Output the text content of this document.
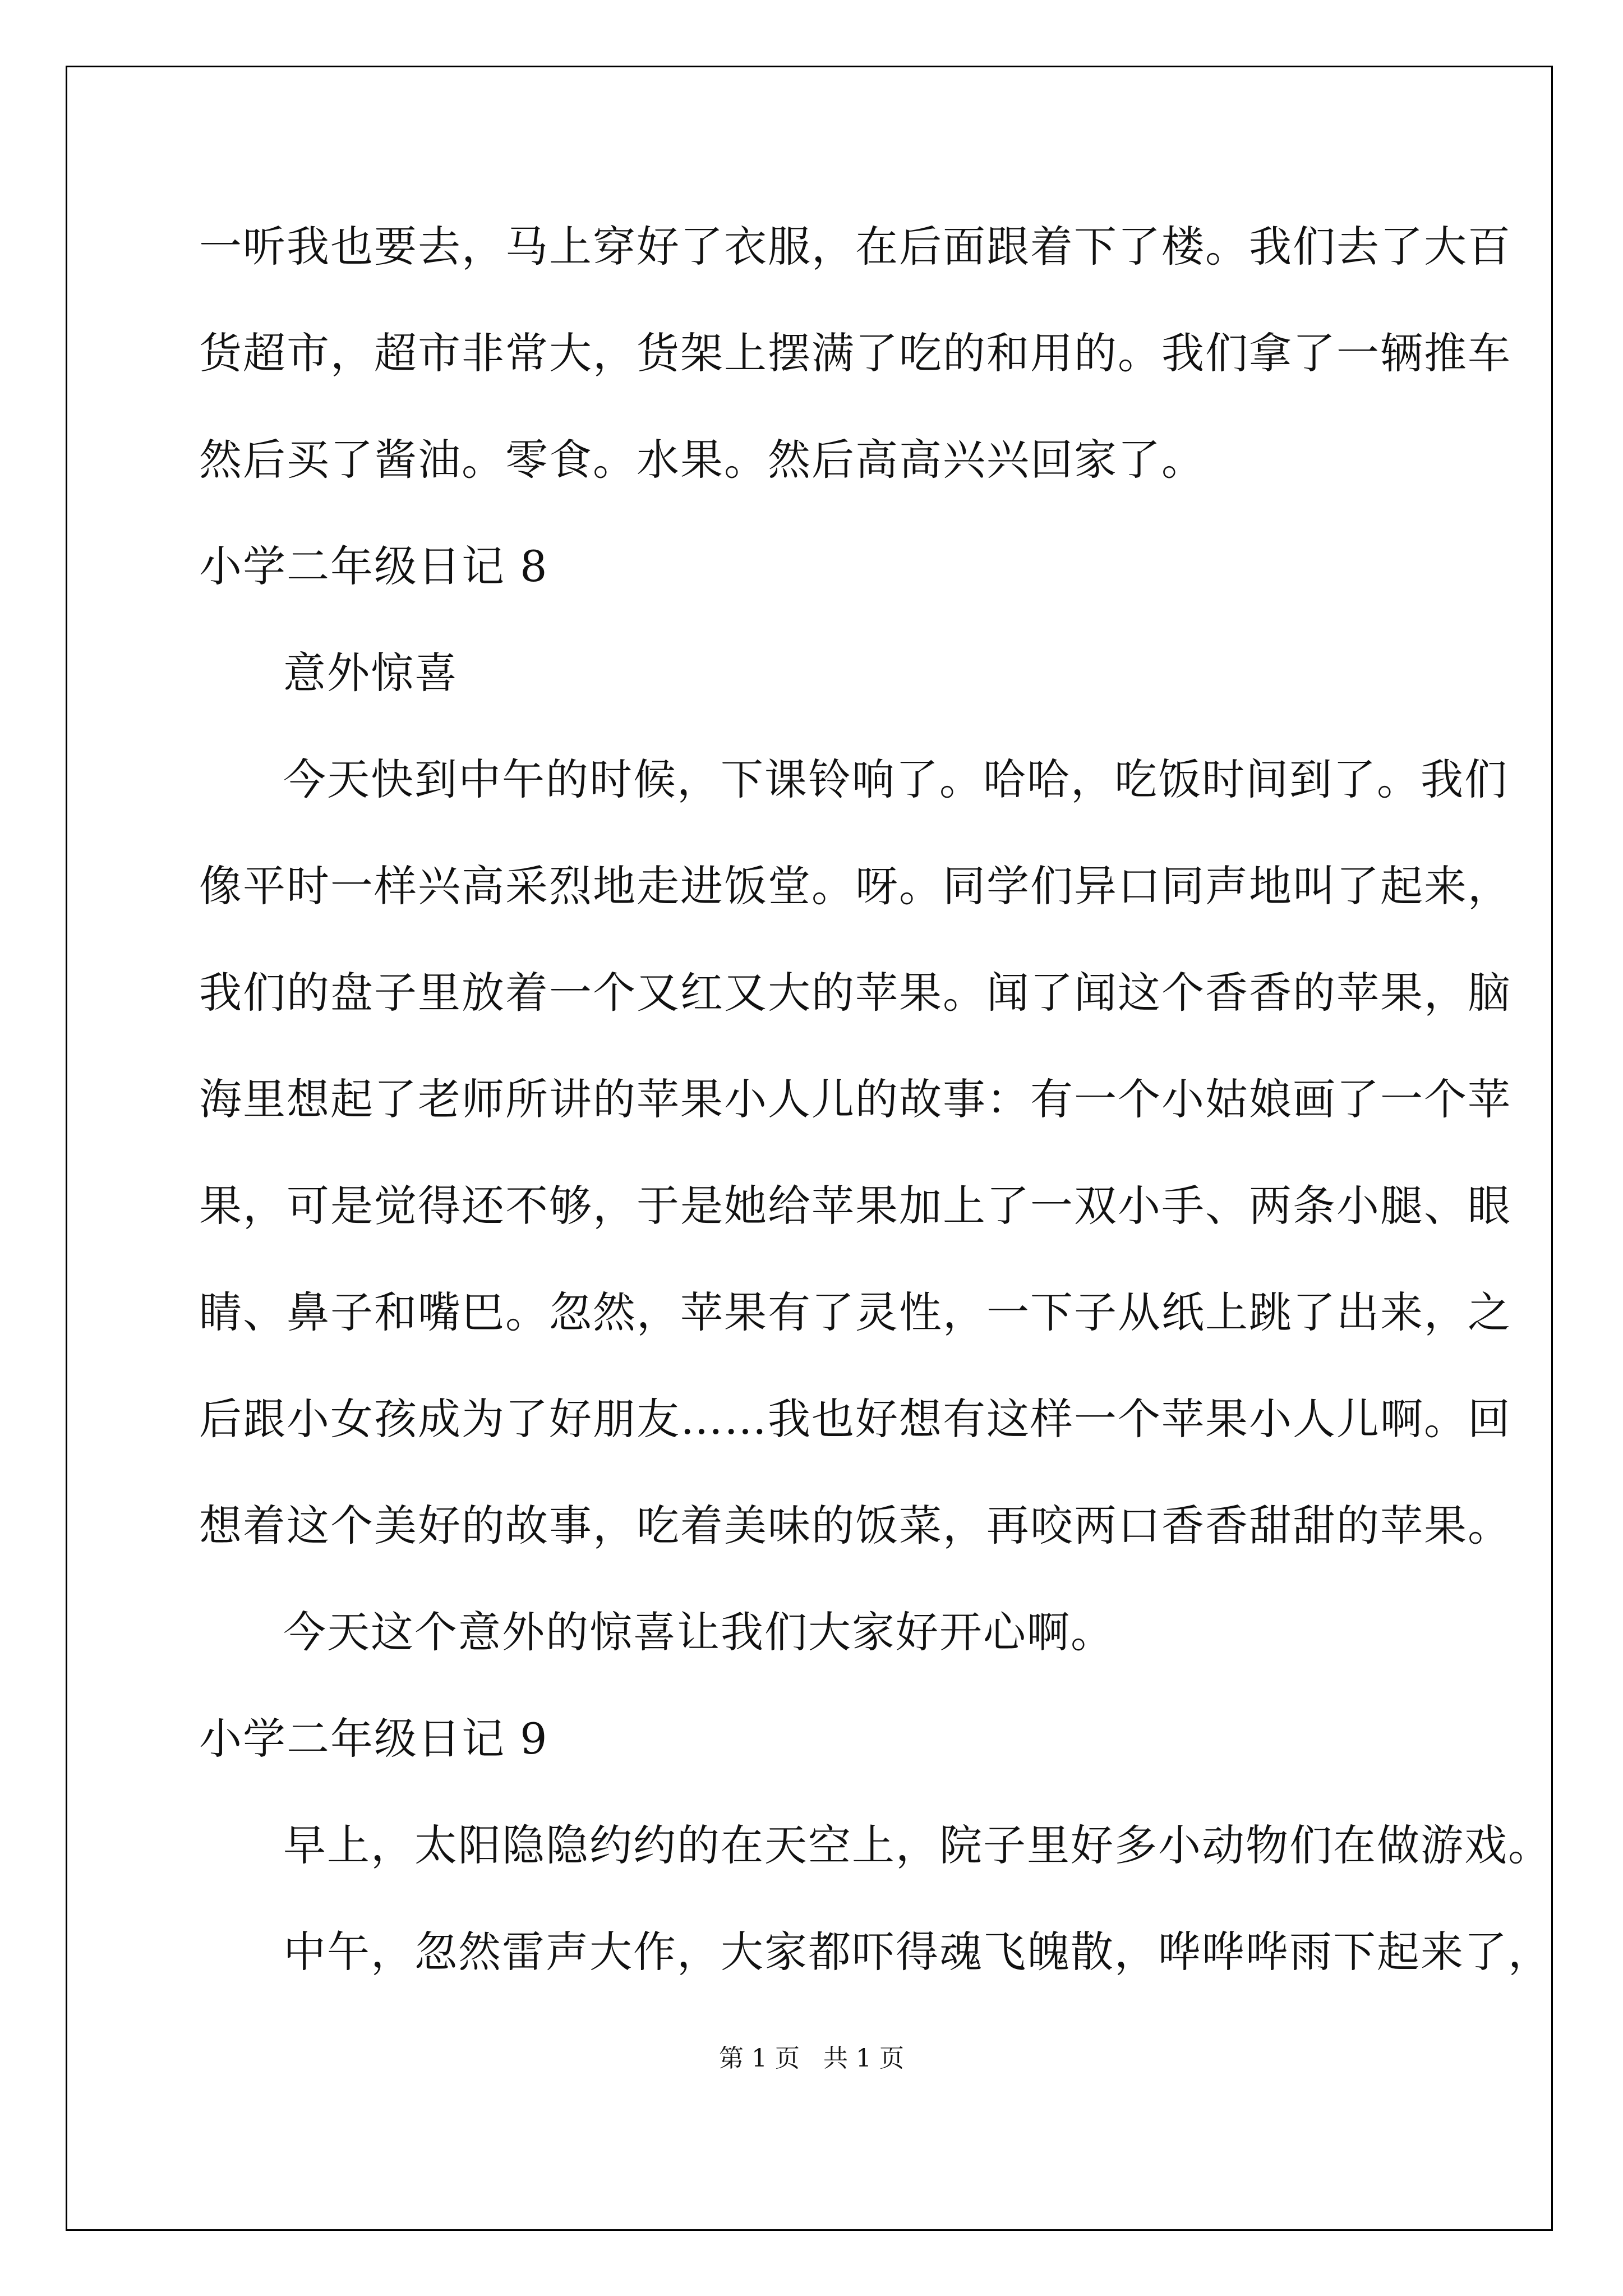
一听我也要去，马上穿好了衣服，在后面跟着下了楼。我们去了大百
货超市，超市非常大，货架上摆满了吃的和用的。我们拿了一辆推车
然后买了酱油。零食。水果。然后高高兴兴回家了。
小学二年级日记 8
意外惊喜
今天快到中午的时候，下课铃响了。哈哈，吃饭时间到了。我们
像平时一样兴高采烈地走进饭堂。呀。同学们异口同声地叫了起来，
我们的盘子里放着一个又红又大的苹果。闻了闻这个香香的苹果，脑
海里想起了老师所讲的苹果小人儿的故事：有一个小姑娘画了一个苹
果，可是觉得还不够，于是她给苹果加上了一双小手、两条小腿、眼
睛、鼻子和嘴巴。忽然，苹果有了灵性，一下子从纸上跳了出来，之
后跟小女孩成为了好朋友……我也好想有这样一个苹果小人儿啊。回
想着这个美好的故事，吃着美味的饭菜，再咬两口香香甜甜的苹果。
今天这个意外的惊喜让我们大家好开心啊。
小学二年级日记 9
早上，太阳隐隐约约的在天空上，院子里好多小动物们在做游戏。
中午，忽然雷声大作，大家都吓得魂飞魄散，哗哗哗雨下起来了，
第 1 页   共 1 页
